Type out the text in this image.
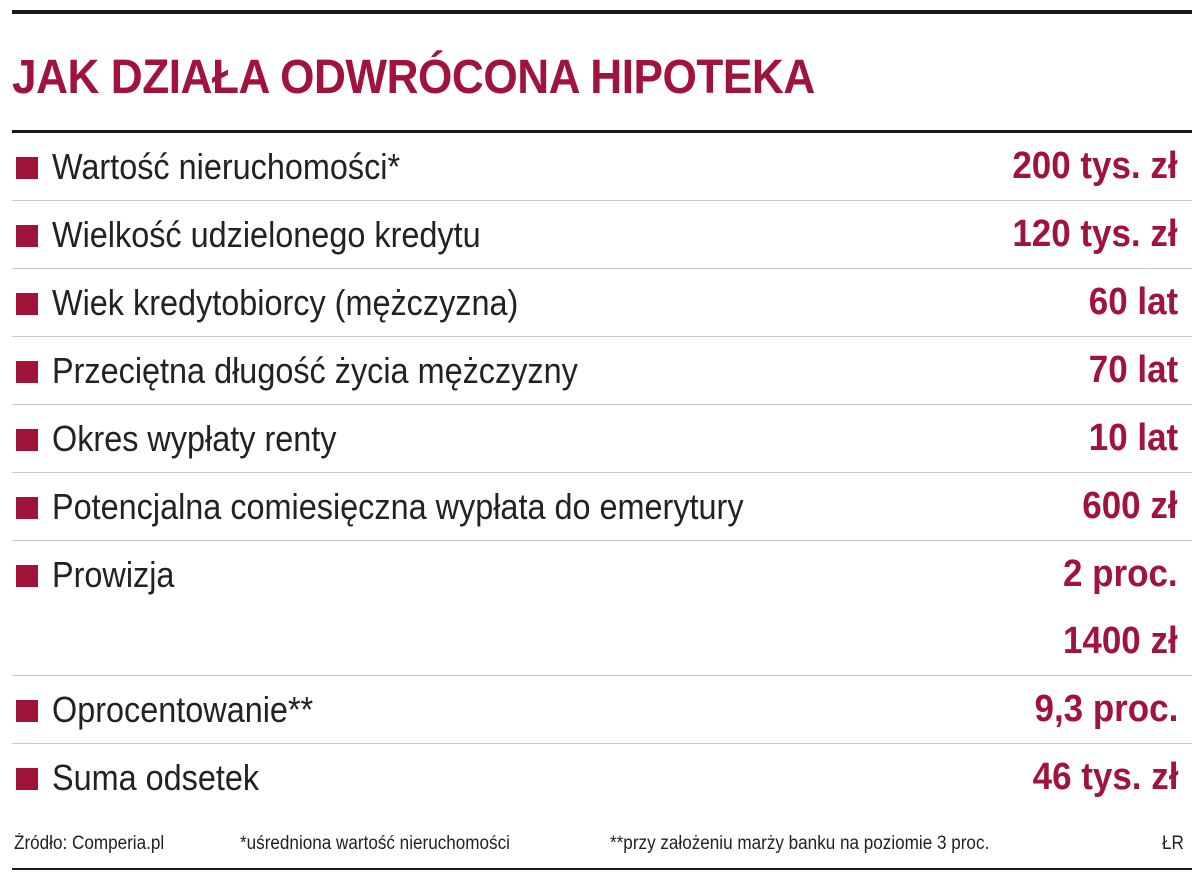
JAK DZIAŁA ODWRÓCONA HIPOTEKA
Wartość nieruchomości*	200 tys. zł
Wielkość udzielonego kredytu	120 tys. zł
Wiek kredytobiorcy (mężczyzna)	60 lat
Przeciętna długość życia mężczyzny	70 lat
Okres wypłaty renty	10 lat
Potencjalna comiesięczna wypłata do emerytury	600 zł
Prowizja	2 proc.
1400 zł
Oprocentowanie**	9,3 proc.
Suma odsetek	46 tys. zł
Źródło: Comperia.pl	*uśredniona wartość nieruchomości	**przy założeniu marży banku na poziomie 3 proc.	ŁR
